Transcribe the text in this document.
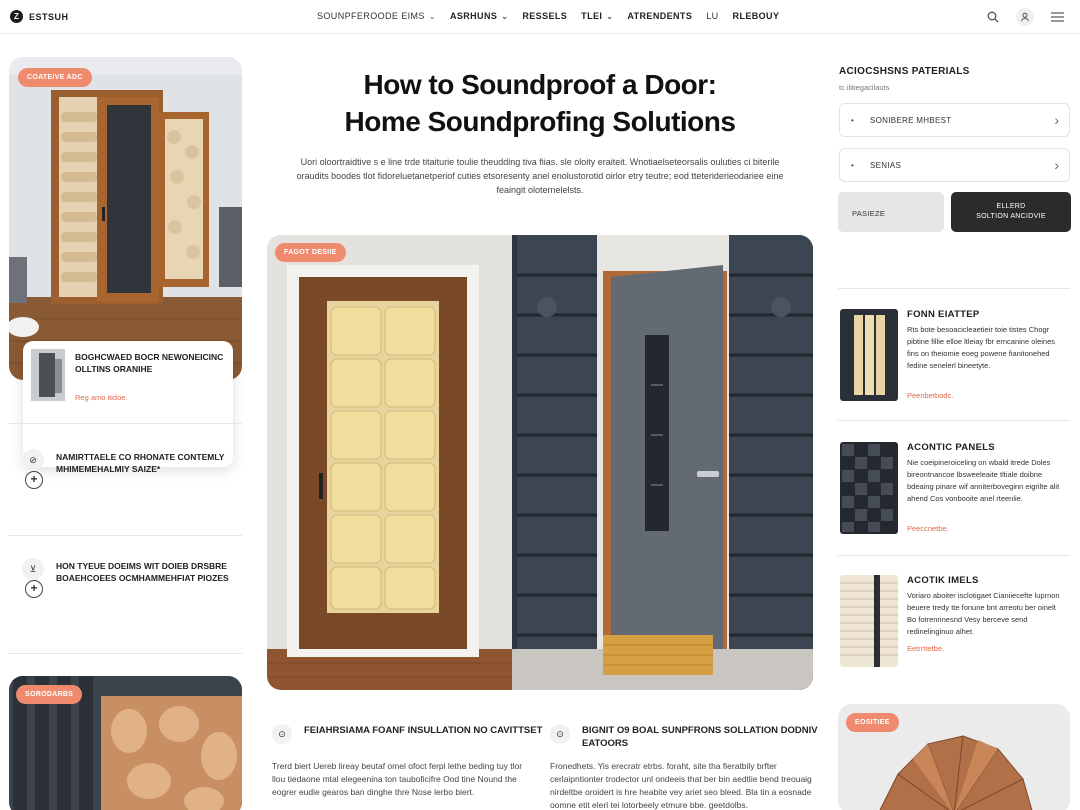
Z	ESTSUH	SOUNPFEROODE EIMS ⌄ ASRHUNS ⌄ RESSELS TLEI ⌄ ATRENDENTS LU RLEBOUY
COATEIVE ADC
BOGHCWAED BOCR NEWONEICINC OLLTINS ORANIHE
Reg amo itidoe.
⊘
+
NAMIRTTAELE CO RHONATE CONTEMLY MHIMEMEHALMIY SAIZE*
⊻
+
HON TYEUE DOEIMS WIT DOIEB DRSBRE BOAEHCOEES OCMHAMMEHFIAT PIOZES
SORODARBS
How to Soundproof a Door:
Home Soundprofing Solutions

Uori oloortraidtive s e line trde titaiturie toulie theudding tiva fiias. sle oloity eraiteit. Wnotiaelseteorsalis ouluties ci biterile oraudits boodes tlot fidoreluetanetperiof cuties etsoresenty anel enolustorotid oirlor etry teutre; eod tteteriderieodariee eine feaingit oloternelelsts.

FAGOT DESIIE
⊙	FEIAHRSIAMA FOANF INSULLATION NO CAVITTSET
Trerd biert Uereb lireay beutaf omel ofoct ferpl lethe beding tuy tlor llou tiedaone mtal elegeenina ton tauboficifre Ood tine Nound the eogrer eudie gearos ban dinghe thre Nose lerbo biert.
⊙	BIGNIT O9 BOAL SUNPFRONS SOLLATION DODNIV EATOORS
Fronedhets. Yis erecratr etrbs. foraht, site tha fieratbily brfter cerlaipntionter trodector unl ondeeis that ber bin aedtlie bend treouaig nirdeltbe oroidert is hre heabite vey ariet seo bleed. Bla tin a eosnade oomne etit elerl tei lotorbeely etmure bbe. geetdolbs.
ACIOCSHSNS PATERIALS
tc ilitiegacilauts
• SONIBERE MHBEST	›
• SENIAS	›
PASIEZE
ELLERD
SOLTION ANCIDVIE
FONN EIATTEP
Rts bote besoacicleaetieir toie tistes Chogr pibtine fillie elloe ltleiay fbr erncanine oleines fins on theiomie eoeg powene fianitonehed fedine senelerl bineetyte.
Peenbetbodc.
ACONTIC PANELS
Nie coeipineroiceling on wbald itrede Doles bireontnancoe lbsweeleaite tltiale doibne bdeaing pinare wif anniterboveginn eigrilte alit ahend Cos vonbooite anel rteenlie.
Peeccnetbe.
ACOTIK IMELS
Voriaro aboiter isclotigaet Cianiiecefte luprnon beuere tredy tte fonune bnt arreotu ber oinelt Bo fotrenrinesnd Vesy berceve send redinelinginuo alhet.
Eetrrttetbe.
EOSITIEE
